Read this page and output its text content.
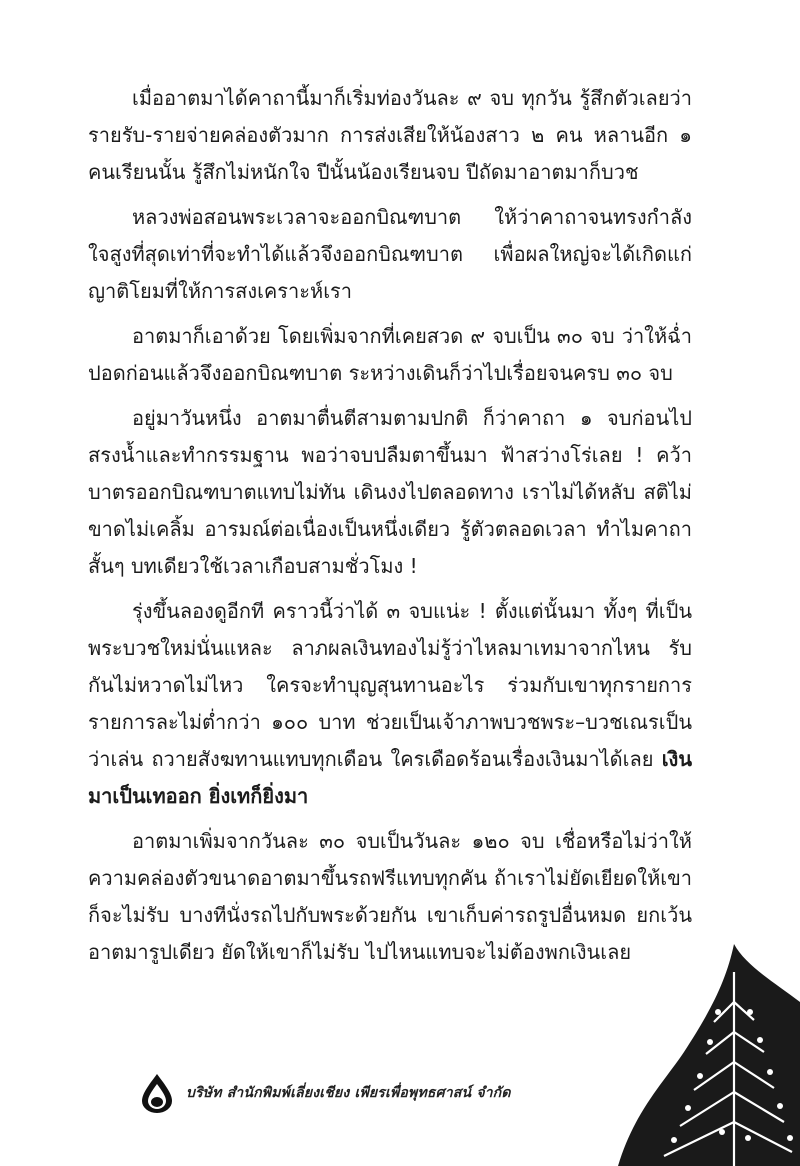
เมื่ออาตมาได้คาถานี้มาก็เริ่มท่องวันละ ๙ จบ ทุกวัน รู้สึกตัวเลยว่ารายรับ-รายจ่ายคล่องตัวมาก การส่งเสียให้น้องสาว ๒ คน หลานอีก ๑ คนเรียนนั้น รู้สึกไม่หนักใจ ปีนั้นน้องเรียนจบ ปีถัดมาอาตมาก็บวช

หลวงพ่อสอนพระเวลาจะออกบิณฑบาต ให้ว่าคาถาจนทรงกำลังใจสูงที่สุดเท่าที่จะทำได้แล้วจึงออกบิณฑบาต เพื่อผลใหญ่จะได้เกิดแก่ญาติโยมที่ให้การสงเคราะห์เรา

อาตมาก็เอาด้วย โดยเพิ่มจากที่เคยสวด ๙ จบเป็น ๓๐ จบ ว่าให้ฉ่ำปอดก่อนแล้วจึงออกบิณฑบาต ระหว่างเดินก็ว่าไปเรื่อยจนครบ ๓๐ จบ

อยู่มาวันหนึ่ง อาตมาตื่นตีสามตามปกติ ก็ว่าคาถา ๑ จบก่อนไปสรงน้ำและทำกรรมฐาน พอว่าจบปลืมตาขึ้นมา ฟ้าสว่างโร่เลย ! คว้าบาตรออกบิณฑบาตแทบไม่ทัน เดินงงไปตลอดทาง เราไม่ได้หลับ สติไม่ขาดไม่เคลิ้ม อารมณ์ต่อเนื่องเป็นหนึ่งเดียว รู้ตัวตลอดเวลา ทำไมคาถาสั้นๆ บทเดียวใช้เวลาเกือบสามชั่วโมง !

รุ่งขึ้นลองดูอีกที คราวนี้ว่าได้ ๓ จบแน่ะ ! ตั้งแต่นั้นมา ทั้งๆ ที่เป็นพระบวชใหม่นั่นแหละ ลาภผลเงินทองไม่รู้ว่าไหลมาเทมาจากไหน รับกันไม่หวาดไม่ไหว ใครจะทำบุญสุนทานอะไร ร่วมกับเขาทุกรายการ รายการละไม่ต่ำกว่า ๑๐๐ บาท ช่วยเป็นเจ้าภาพบวชพระ–บวชเณรเป็นว่าเล่น ถวายสังฆทานแทบทุกเดือน ใครเดือดร้อนเรื่องเงินมาได้เลย เงินมาเป็นเทออก ยิ่งเทก็ยิ่งมา

อาตมาเพิ่มจากวันละ ๓๐ จบเป็นวันละ ๑๒๐ จบ เชื่อหรือไม่ว่าให้ความคล่องตัวขนาดอาตมาขึ้นรถฟรีแทบทุกคัน ถ้าเราไม่ยัดเยียดให้เขาก็จะไม่รับ บางทีนั่งรถไปกับพระด้วยกัน เขาเก็บค่ารถรูปอื่นหมด ยกเว้นอาตมารูปเดียว ยัดให้เขาก็ไม่รับ ไปไหนแทบจะไม่ต้องพกเงินเลย

บริษัท สำนักพิมพ์เลี่ยงเชียง เพียรเพื่อพุทธศาสน์ จำกัด
